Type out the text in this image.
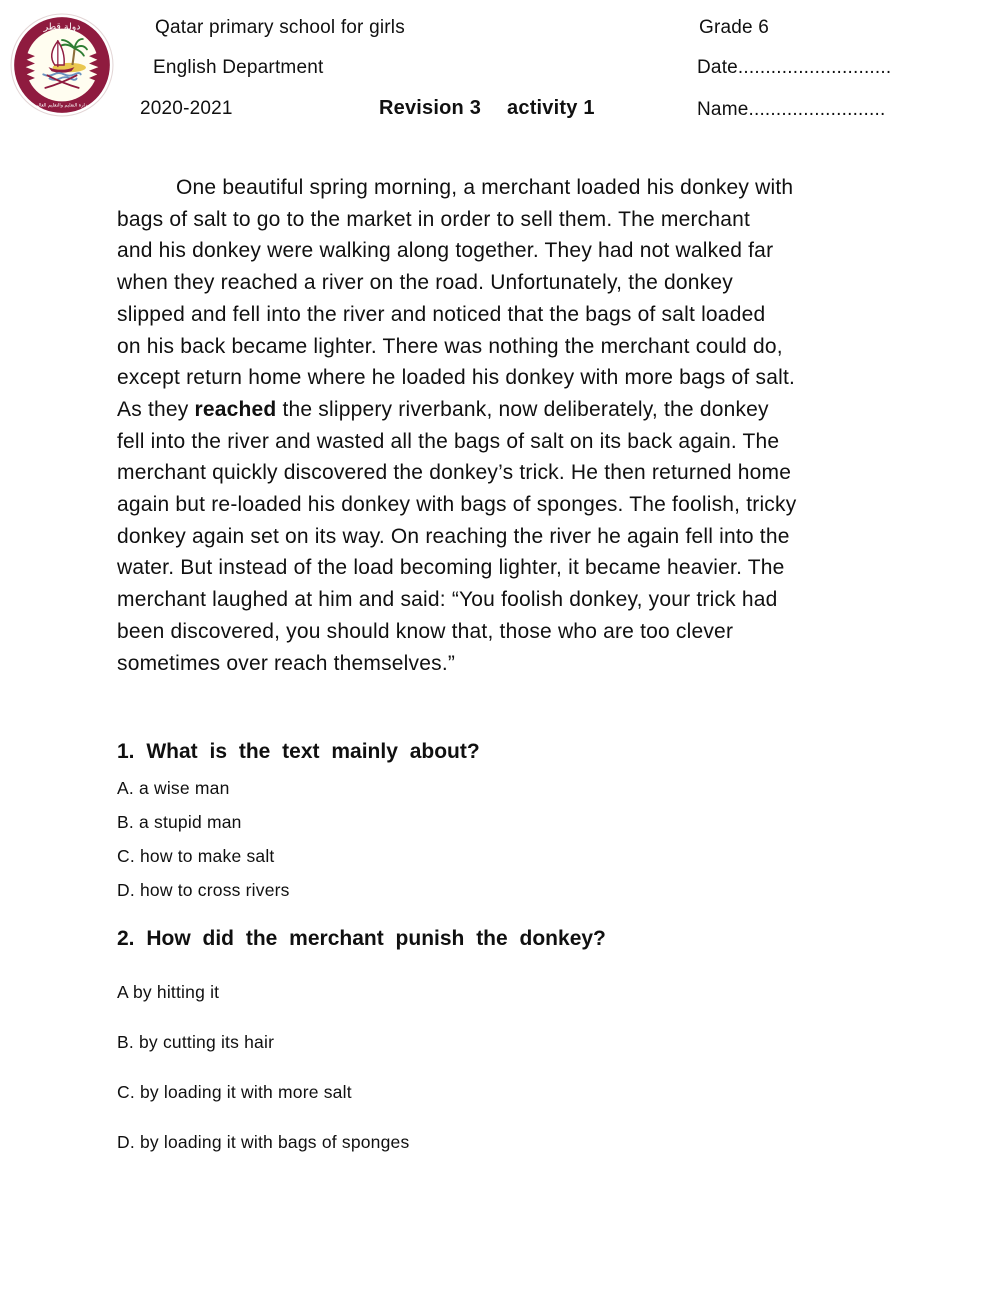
دولة قطر
وزارة التعليم والتعليم العالي
Qatar primary school for girls
English Department
2020-2021	Revision 3 activity 1
Grade 6
Date............................
Name.........................
One beautiful spring morning, a merchant loaded his donkey with
bags of salt to go to the market in order to sell them. The merchant
and his donkey were walking along together. They had not walked far
when they reached a river on the road. Unfortunately, the donkey
slipped and fell into the river and noticed that the bags of salt loaded
on his back became lighter. There was nothing the merchant could do,
except return home where he loaded his donkey with more bags of salt.
As they reached the slippery riverbank, now deliberately, the donkey
fell into the river and wasted all the bags of salt on its back again. The
merchant quickly discovered the donkey’s trick. He then returned home
again but re-loaded his donkey with bags of sponges. The foolish, tricky
donkey again set on its way. On reaching the river he again fell into the
water. But instead of the load becoming lighter, it became heavier. The
merchant laughed at him and said: “You foolish donkey, your trick had
been discovered, you should know that, those who are too clever
sometimes over reach themselves.”
1. What is the text mainly about?
A. a wise man
B. a stupid man
C. how to make salt
D. how to cross rivers
2. How did the merchant punish the donkey?
A by hitting it
B. by cutting its hair
C. by loading it with more salt
D. by loading it with bags of sponges
